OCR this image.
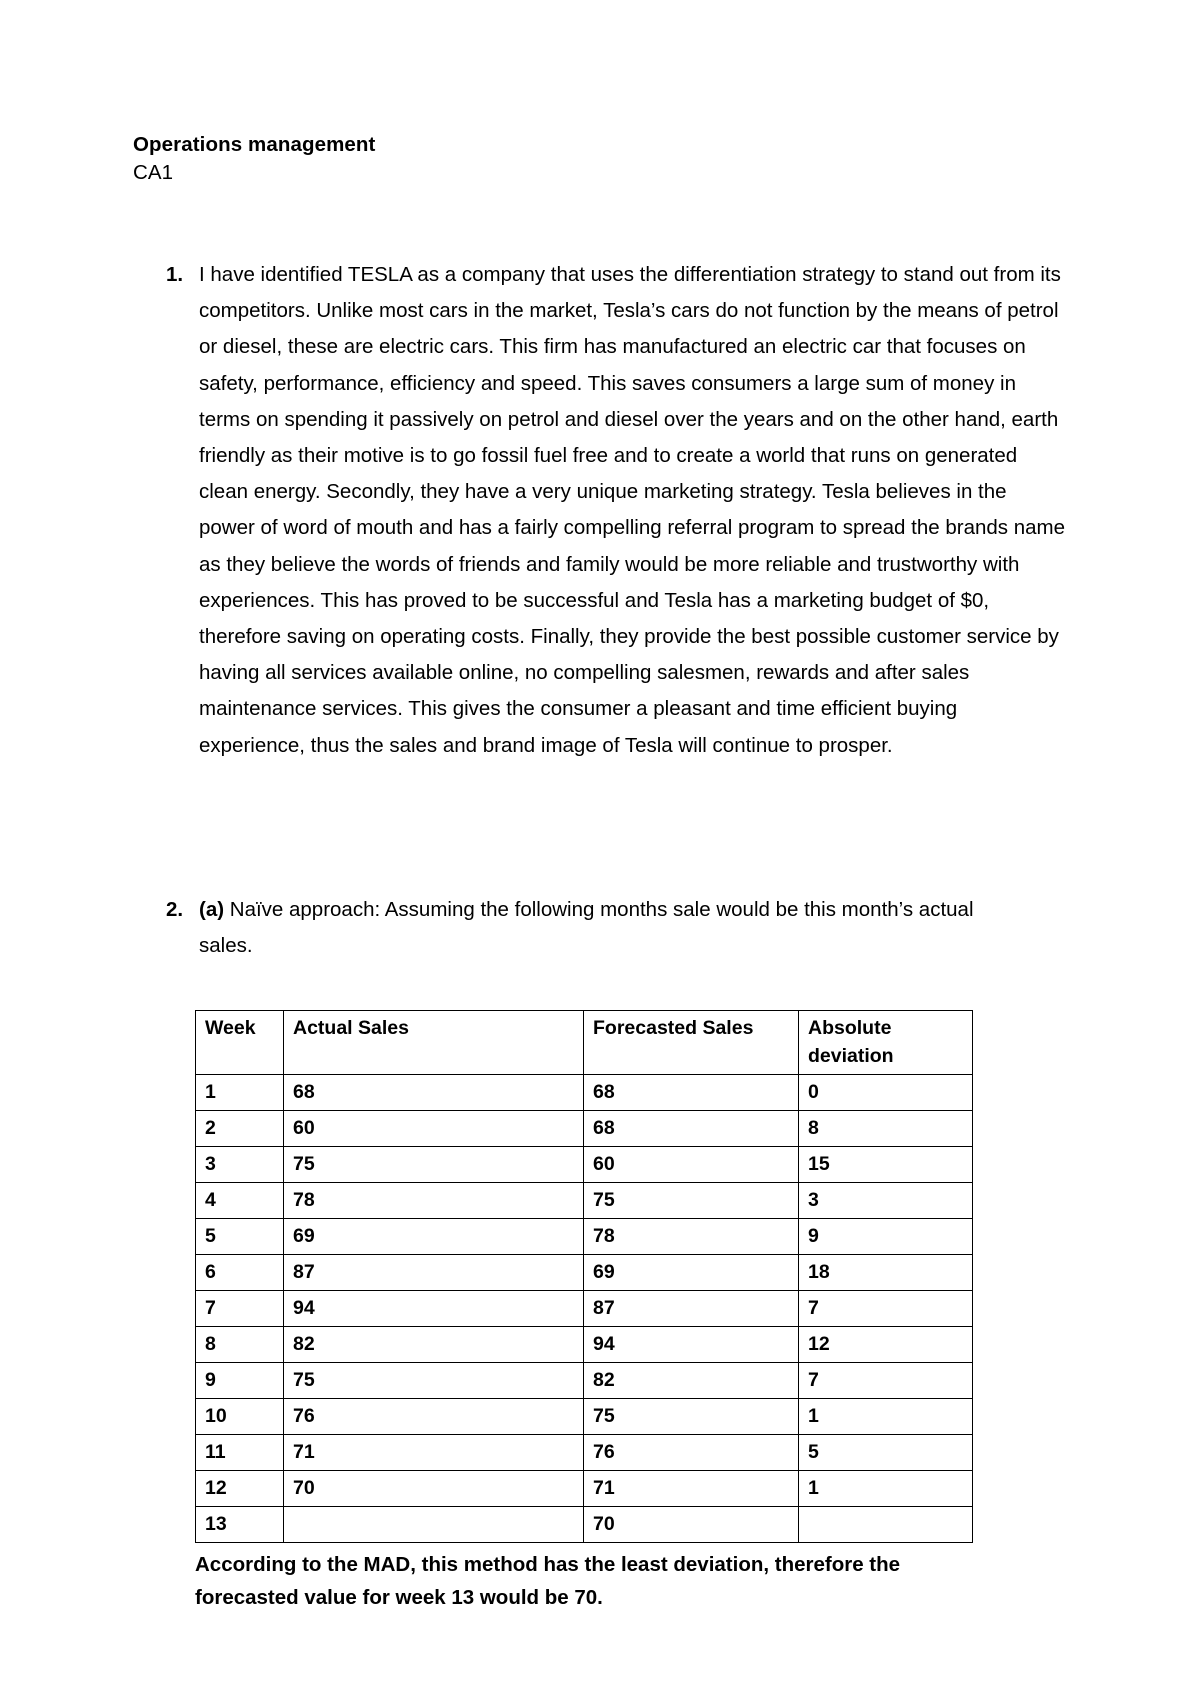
Operations management
CA1
1. I have identified TESLA as a company that uses the differentiation strategy to stand out from its competitors. Unlike most cars in the market, Tesla’s cars do not function by the means of petrol or diesel, these are electric cars. This firm has manufactured an electric car that focuses on safety, performance, efficiency and speed. This saves consumers a large sum of money in terms on spending it passively on petrol and diesel over the years and on the other hand, earth friendly as their motive is to go fossil fuel free and to create a world that runs on generated clean energy. Secondly, they have a very unique marketing strategy. Tesla believes in the power of word of mouth and has a fairly compelling referral program to spread the brands name as they believe the words of friends and family would be more reliable and trustworthy with experiences. This has proved to be successful and Tesla has a marketing budget of $0, therefore saving on operating costs. Finally, they provide the best possible customer service by having all services available online, no compelling salesmen, rewards and after sales maintenance services. This gives the consumer a pleasant and time efficient buying experience, thus the sales and brand image of Tesla will continue to prosper.
2. (a) Naïve approach: Assuming the following months sale would be this month’s actual sales.
Week	Actual Sales	Forecasted Sales	Absolute deviation
1	68	68	0
2	60	68	8
3	75	60	15
4	78	75	3
5	69	78	9
6	87	69	18
7	94	87	7
8	82	94	12
9	75	82	7
10	76	75	1
11	71	76	5
12	70	71	1
13		70	
According to the MAD, this method has the least deviation, therefore the forecasted value for week 13 would be 70.
